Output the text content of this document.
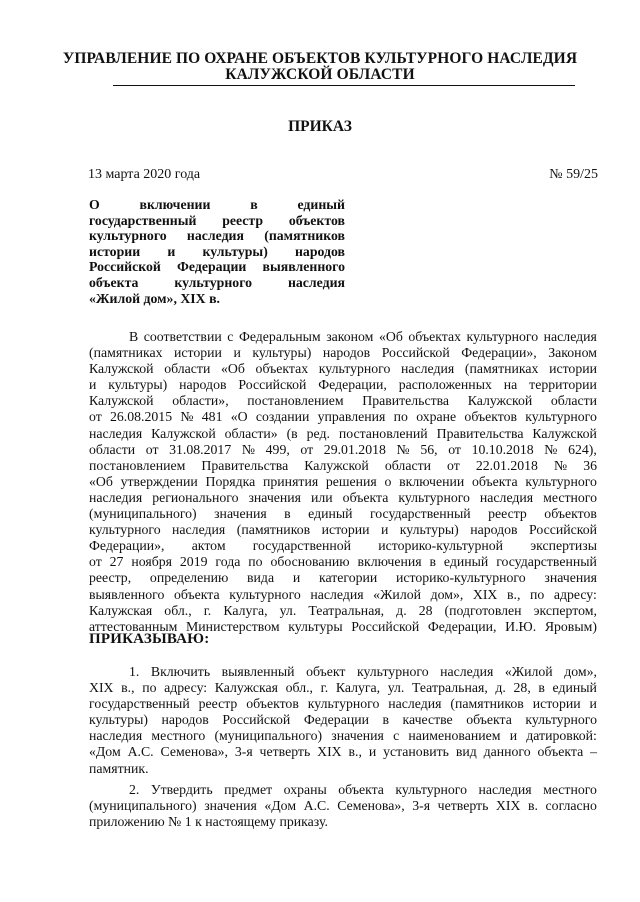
УПРАВЛЕНИЕ ПО ОХРАНЕ ОБЪЕКТОВ КУЛЬТУРНОГО НАСЛЕДИЯ
КАЛУЖСКОЙ ОБЛАСТИ
ПРИКАЗ
13 марта 2020 года	№ 59/25
О	включении	в	единый
государственный реестр объектов
культурного наследия (памятников
истории и культуры) народов
Российской Федерации выявленного
объекта	культурного	наследия
«Жилой дом», XIX в.
В соответствии с Федеральным законом «Об объектах культурного наследия
(памятниках истории и культуры) народов Российской Федерации», Законом
Калужской области «Об объектах культурного наследия (памятниках истории
и культуры) народов Российской Федерации, расположенных на территории
Калужской области», постановлением Правительства Калужской области
от 26.08.2015 № 481 «О создании управления по охране объектов культурного
наследия Калужской области» (в ред. постановлений Правительства Калужской
области от 31.08.2017 № 499, от 29.01.2018 № 56, от 10.10.2018 № 624),
постановлением Правительства Калужской области от 22.01.2018 № 36
«Об утверждении Порядка принятия решения о включении объекта культурного
наследия регионального значения или объекта культурного наследия местного
(муниципального) значения в единый государственный реестр объектов
культурного наследия (памятников истории и культуры) народов Российской
Федерации», актом государственной историко-культурной экспертизы
от 27 ноября 2019 года по обоснованию включения в единый государственный
реестр, определению вида и категории историко-культурного значения
выявленного объекта культурного наследия «Жилой дом», XIX в., по адресу:
Калужская обл., г. Калуга, ул. Театральная, д. 28 (подготовлен экспертом,
аттестованным Министерством культуры Российской Федерации, И.Ю. Яровым)
ПРИКАЗЫВАЮ:
1. Включить выявленный объект культурного наследия «Жилой дом»,
XIX в., по адресу: Калужская обл., г. Калуга, ул. Театральная, д. 28, в единый
государственный реестр объектов культурного наследия (памятников истории и
культуры) народов Российской Федерации в качестве объекта культурного
наследия местного (муниципального) значения с наименованием и датировкой:
«Дом А.С. Семенова», 3-я четверть XIX в., и установить вид данного объекта –
памятник.
2. Утвердить предмет охраны объекта культурного наследия местного
(муниципального) значения «Дом А.С. Семенова», 3-я четверть XIX в. согласно
приложению № 1 к настоящему приказу.
